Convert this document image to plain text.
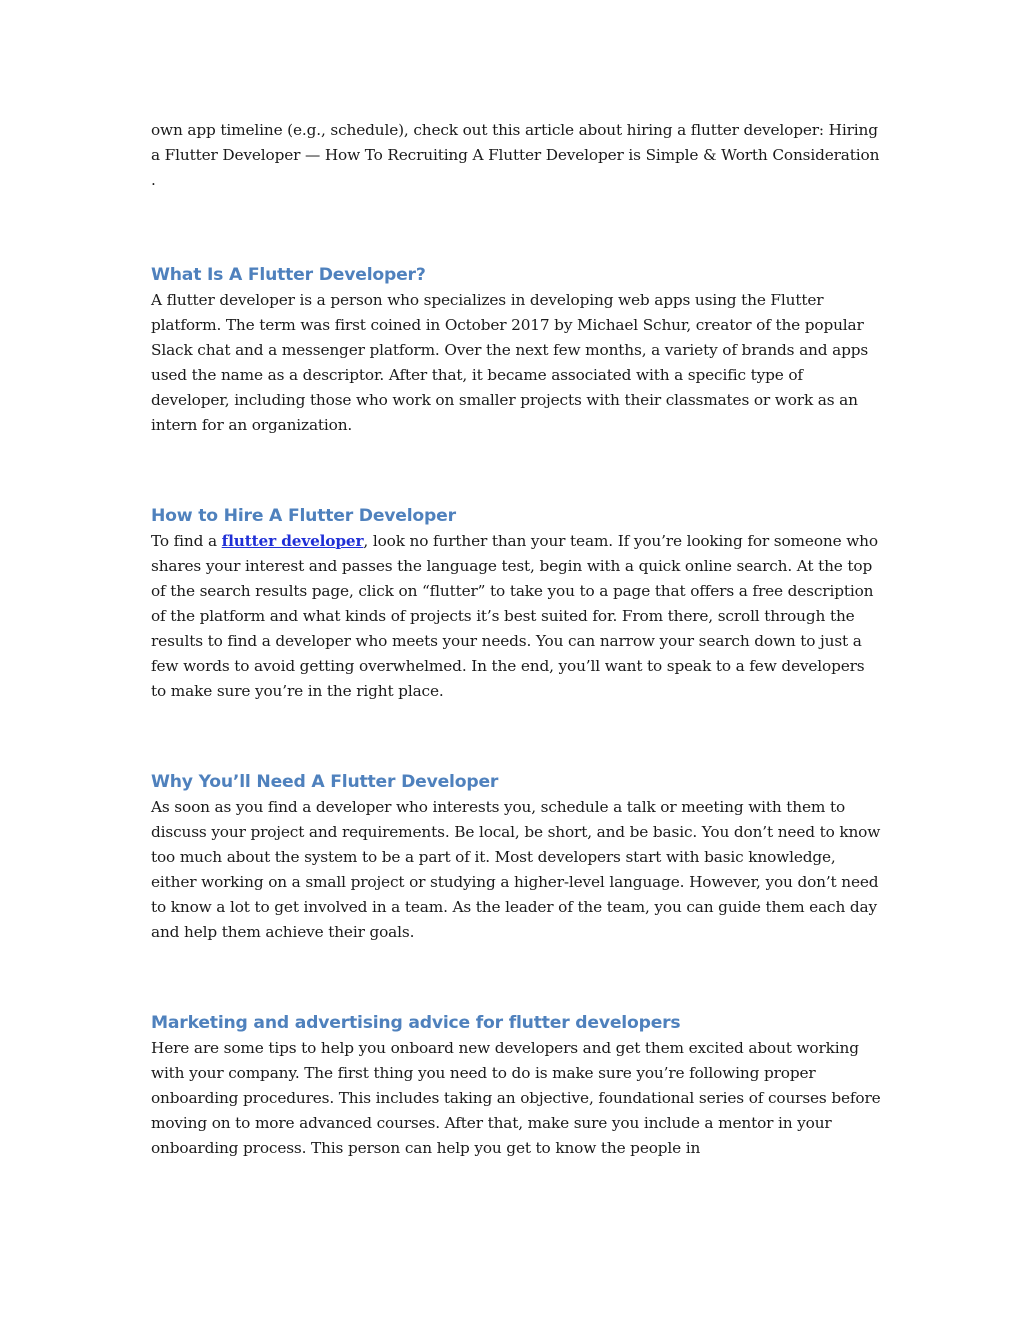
own app timeline (e.g., schedule), check out this article about hiring a flutter developer: Hiring a Flutter Developer — How To Recruiting A Flutter Developer is Simple & Worth Consideration .

What Is A Flutter Developer?

A flutter developer is a person who specializes in developing web apps using the Flutter platform. The term was first coined in October 2017 by Michael Schur, creator of the popular Slack chat and a messenger platform. Over the next few months, a variety of brands and apps used the name as a descriptor. After that, it became associated with a specific type of developer, including those who work on smaller projects with their classmates or work as an intern for an organization.

How to Hire A Flutter Developer

To find a flutter developer, look no further than your team. If you’re looking for someone who shares your interest and passes the language test, begin with a quick online search. At the top of the search results page, click on “flutter” to take you to a page that offers a free description of the platform and what kinds of projects it’s best suited for. From there, scroll through the results to find a developer who meets your needs. You can narrow your search down to just a few words to avoid getting overwhelmed. In the end, you’ll want to speak to a few developers to make sure you’re in the right place.

Why You’ll Need A Flutter Developer

As soon as you find a developer who interests you, schedule a talk or meeting with them to discuss your project and requirements. Be local, be short, and be basic. You don’t need to know too much about the system to be a part of it. Most developers start with basic knowledge, either working on a small project or studying a higher-level language. However, you don’t need to know a lot to get involved in a team. As the leader of the team, you can guide them each day and help them achieve their goals.

Marketing and advertising advice for flutter developers

Here are some tips to help you onboard new developers and get them excited about working with your company. The first thing you need to do is make sure you’re following proper onboarding procedures. This includes taking an objective, foundational series of courses before moving on to more advanced courses. After that, make sure you include a mentor in your onboarding process. This person can help you get to know the people in
